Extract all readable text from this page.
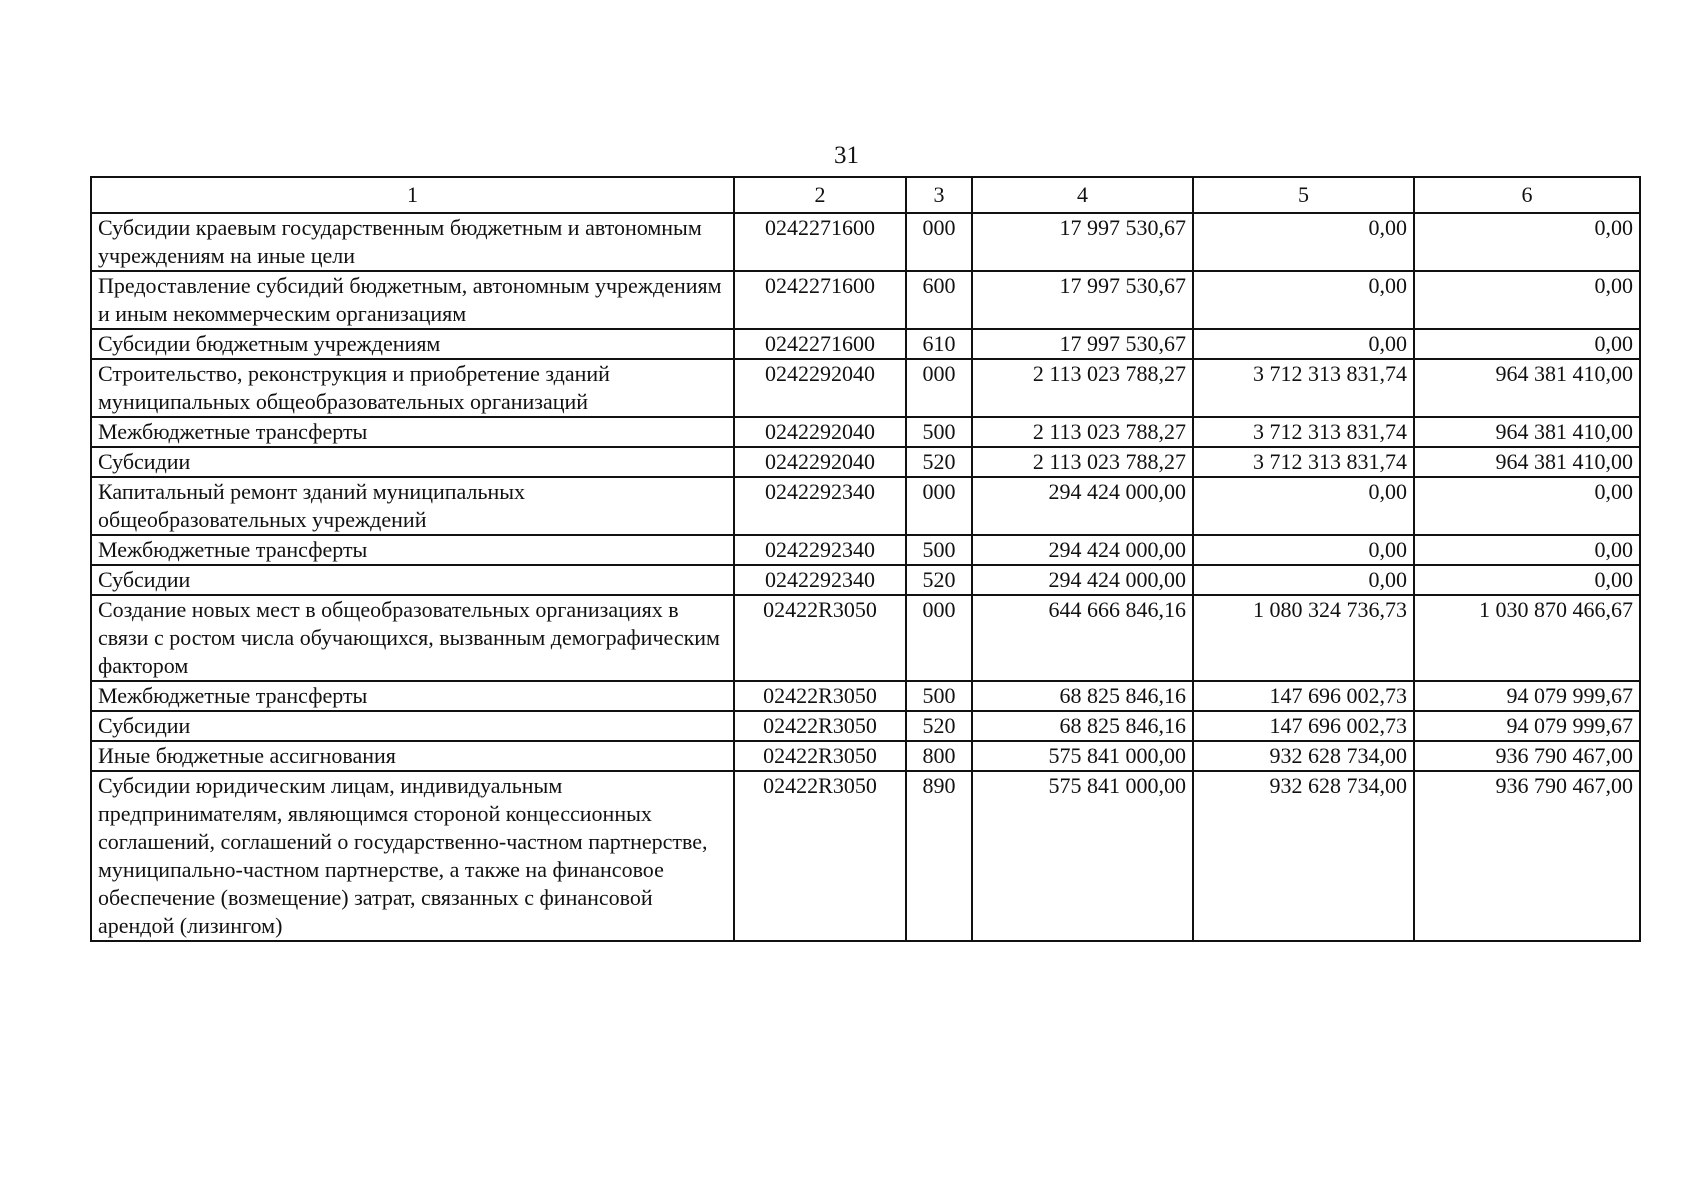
31
1	2	3	4	5	6
Субсидии краевым государственным бюджетным и автономным учреждениям на иные цели	0242271600	000	17 997 530,67	0,00	0,00
Предоставление субсидий бюджетным, автономным учреждениям и иным некоммерческим организациям	0242271600	600	17 997 530,67	0,00	0,00
Субсидии бюджетным учреждениям	0242271600	610	17 997 530,67	0,00	0,00
Строительство, реконструкция и приобретение зданий муниципальных общеобразовательных организаций	0242292040	000	2 113 023 788,27	3 712 313 831,74	964 381 410,00
Межбюджетные трансферты	0242292040	500	2 113 023 788,27	3 712 313 831,74	964 381 410,00
Субсидии	0242292040	520	2 113 023 788,27	3 712 313 831,74	964 381 410,00
Капитальный ремонт зданий муниципальных общеобразовательных учреждений	0242292340	000	294 424 000,00	0,00	0,00
Межбюджетные трансферты	0242292340	500	294 424 000,00	0,00	0,00
Субсидии	0242292340	520	294 424 000,00	0,00	0,00
Создание новых мест в общеобразовательных организациях в связи с ростом числа обучающихся, вызванным демографическим фактором	02422R3050	000	644 666 846,16	1 080 324 736,73	1 030 870 466,67
Межбюджетные трансферты	02422R3050	500	68 825 846,16	147 696 002,73	94 079 999,67
Субсидии	02422R3050	520	68 825 846,16	147 696 002,73	94 079 999,67
Иные бюджетные ассигнования	02422R3050	800	575 841 000,00	932 628 734,00	936 790 467,00
Субсидии юридическим лицам, индивидуальным предпринимателям, являющимся стороной концессионных соглашений, соглашений о государственно-частном партнерстве, муниципально-частном партнерстве, а также на финансовое обеспечение (возмещение) затрат, связанных с финансовой арендой (лизингом)	02422R3050	890	575 841 000,00	932 628 734,00	936 790 467,00
